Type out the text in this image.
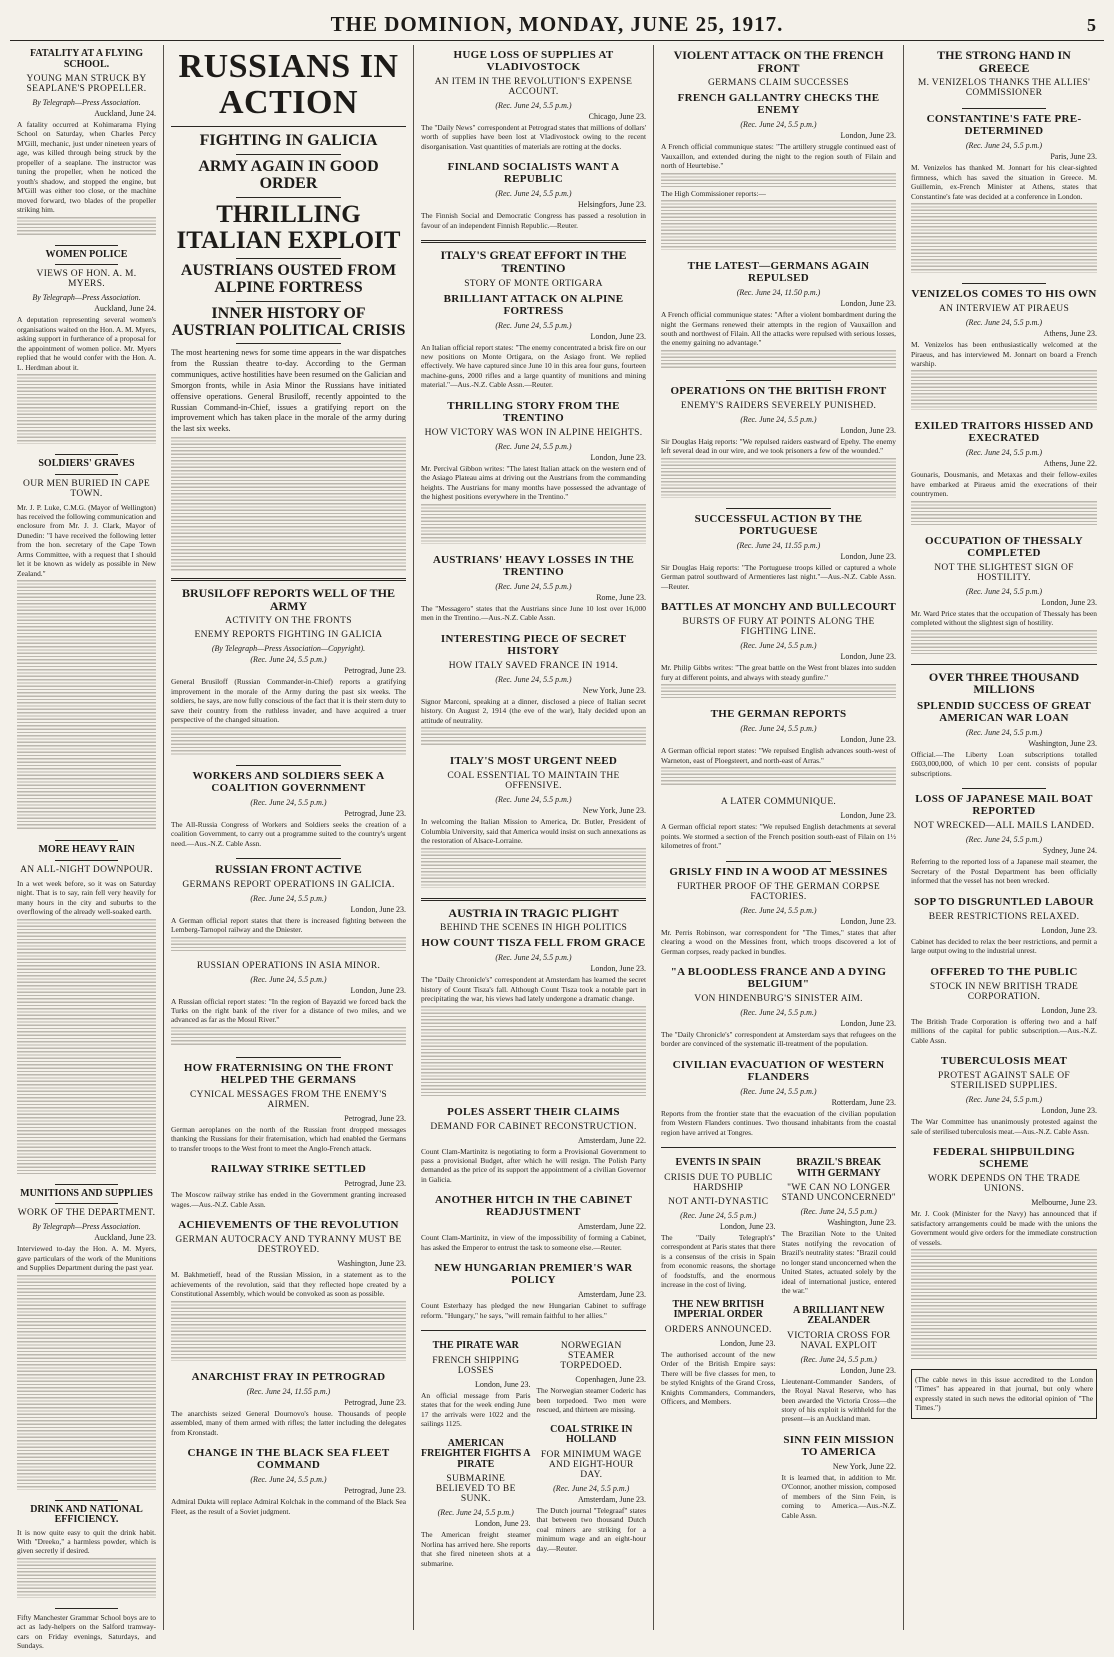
THE DOMINION, MONDAY, JUNE 25, 1917.	5
FATALITY AT A FLYING SCHOOL.
YOUNG MAN STRUCK BY SEAPLANE'S PROPELLER.
By Telegraph—Press Association.
Auckland, June 24.
A fatality occurred at Kohimarama Flying School on Saturday, when Charles Percy M'Gill, mechanic, just under nineteen years of age, was killed through being struck by the propeller of a seaplane. The instructor was tuning the propeller, when he noticed the youth's shadow, and stopped the engine, but M'Gill was either too close, or the machine moved forward, two blades of the propeller striking him.
WOMEN POLICE
VIEWS OF HON. A. M. MYERS.
By Telegraph—Press Association.
Auckland, June 24.
A deputation representing several women's organisations waited on the Hon. A. M. Myers, asking support in furtherance of a proposal for the appointment of women police. Mr. Myers replied that he would confer with the Hon. A. L. Herdman about it.
SOLDIERS' GRAVES
OUR MEN BURIED IN CAPE TOWN.
Mr. J. P. Luke, C.M.G. (Mayor of Wellington) has received the following communication and enclosure from Mr. J. J. Clark, Mayor of Dunedin: "I have received the following letter from the hon. secretary of the Cape Town Arms Committee, with a request that I should let it be known as widely as possible in New Zealand."
MORE HEAVY RAIN
AN ALL-NIGHT DOWNPOUR.
In a wet week before, so it was on Saturday night. That is to say, rain fell very heavily for many hours in the city and suburbs to the overflowing of the already well-soaked earth.
MUNITIONS AND SUPPLIES
WORK OF THE DEPARTMENT.
By Telegraph—Press Association.
Auckland, June 23.
Interviewed to-day the Hon. A. M. Myers, gave particulars of the work of the Munitions and Supplies Department during the past year.
DRINK AND NATIONAL EFFICIENCY.
It is now quite easy to quit the drink habit. With "Dreeko," a harmless powder, which is given secretly if desired.
Fifty Manchester Grammar School boys are to act as lady-helpers on the Salford tramway-cars on Friday evenings, Saturdays, and Sundays.
RUSSIANS IN ACTION
FIGHTING IN GALICIA
ARMY AGAIN IN GOOD ORDER
THRILLING ITALIAN EXPLOIT
AUSTRIANS OUSTED FROM ALPINE FORTRESS
INNER HISTORY OF AUSTRIAN POLITICAL CRISIS
The most heartening news for some time appears in the war dispatches from the Russian theatre to-day. According to the German communiques, active hostilities have been resumed on the Galician and Smorgon fronts, while in Asia Minor the Russians have initiated offensive operations. General Brusiloff, recently appointed to the Russian Command-in-Chief, issues a gratifying report on the improvement which has taken place in the morale of the army during the last six weeks.
BRUSILOFF REPORTS WELL OF THE ARMY
ACTIVITY ON THE FRONTS
ENEMY REPORTS FIGHTING IN GALICIA
(By Telegraph—Press Association—Copyright).
(Rec. June 24, 5.5 p.m.)
Petrograd, June 23.
General Brusiloff (Russian Commander-in-Chief) reports a gratifying improvement in the morale of the Army during the past six weeks. The soldiers, he says, are now fully conscious of the fact that it is their stern duty to save their country from the ruthless invader, and have acquired a truer perspective of the changed situation.
WORKERS AND SOLDIERS SEEK A COALITION GOVERNMENT
(Rec. June 24, 5.5 p.m.)
Petrograd, June 23.
The All-Russia Congress of Workers and Soldiers seeks the creation of a coalition Government, to carry out a programme suited to the country's urgent need.—Aus.-N.Z. Cable Assn.
RUSSIAN FRONT ACTIVE
GERMANS REPORT OPERATIONS IN GALICIA.
(Rec. June 24, 5.5 p.m.)
London, June 23.
A German official report states that there is increased fighting between the Lemberg-Tarnopol railway and the Dniester.
RUSSIAN OPERATIONS IN ASIA MINOR.
(Rec. June 24, 5.5 p.m.)
London, June 23.
A Russian official report states: "In the region of Bayazid we forced back the Turks on the right bank of the river for a distance of two miles, and we advanced as far as the Mosul River."
HOW FRATERNISING ON THE FRONT HELPED THE GERMANS
CYNICAL MESSAGES FROM THE ENEMY'S AIRMEN.
Petrograd, June 23.
German aeroplanes on the north of the Russian front dropped messages thanking the Russians for their fraternisation, which had enabled the Germans to transfer troops to the West front to meet the Anglo-French attack.
RAILWAY STRIKE SETTLED
Petrograd, June 23.
The Moscow railway strike has ended in the Government granting increased wages.—Aus.-N.Z. Cable Assn.
ACHIEVEMENTS OF THE REVOLUTION
GERMAN AUTOCRACY AND TYRANNY MUST BE DESTROYED.
Washington, June 23.
M. Bakhmetieff, head of the Russian Mission, in a statement as to the achievements of the revolution, said that they reflected hope created by a Constitutional Assembly, which would be convoked as soon as possible.
ANARCHIST FRAY IN PETROGRAD
(Rec. June 24, 11.55 p.m.)
Petrograd, June 23.
The anarchists seized General Dournovo's house. Thousands of people assembled, many of them armed with rifles; the latter including the delegates from Kronstadt.
CHANGE IN THE BLACK SEA FLEET COMMAND
(Rec. June 24, 5.5 p.m.)
Petrograd, June 23.
Admiral Dukta will replace Admiral Kolchak in the command of the Black Sea Fleet, as the result of a Soviet judgment.
HUGE LOSS OF SUPPLIES AT VLADIVOSTOCK
AN ITEM IN THE REVOLUTION'S EXPENSE ACCOUNT.
(Rec. June 24, 5.5 p.m.)
Chicago, June 23.
The "Daily News" correspondent at Petrograd states that millions of dollars' worth of supplies have been lost at Vladivostock owing to the recent disorganisation. Vast quantities of materials are rotting at the docks.
FINLAND SOCIALISTS WANT A REPUBLIC
(Rec. June 24, 5.5 p.m.)
Helsingfors, June 23.
The Finnish Social and Democratic Congress has passed a resolution in favour of an independent Finnish Republic.—Reuter.
ITALY'S GREAT EFFORT IN THE TRENTINO
STORY OF MONTE ORTIGARA
BRILLIANT ATTACK ON ALPINE FORTRESS
(Rec. June 24, 5.5 p.m.)
London, June 23.
An Italian official report states: "The enemy concentrated a brisk fire on our new positions on Monte Ortigara, on the Asiago front. We replied effectively. We have captured since June 10 in this area four guns, fourteen machine-guns, 2000 rifles and a large quantity of munitions and mining material."—Aus.-N.Z. Cable Assn.—Reuter.
THRILLING STORY FROM THE TRENTINO
HOW VICTORY WAS WON IN ALPINE HEIGHTS.
(Rec. June 24, 5.5 p.m.)
London, June 23.
Mr. Percival Gibbon writes: "The latest Italian attack on the western end of the Asiago Plateau aims at driving out the Austrians from the commanding heights. The Austrians for many months have possessed the advantage of the highest positions everywhere in the Trentino."
AUSTRIANS' HEAVY LOSSES IN THE TRENTINO
(Rec. June 24, 5.5 p.m.)
Rome, June 23.
The "Messagero" states that the Austrians since June 10 lost over 16,000 men in the Trentino.—Aus.-N.Z. Cable Assn.
INTERESTING PIECE OF SECRET HISTORY
HOW ITALY SAVED FRANCE IN 1914.
(Rec. June 24, 5.5 p.m.)
New York, June 23.
Signor Marconi, speaking at a dinner, disclosed a piece of Italian secret history. On August 2, 1914 (the eve of the war), Italy decided upon an attitude of neutrality.
ITALY'S MOST URGENT NEED
COAL ESSENTIAL TO MAINTAIN THE OFFENSIVE.
(Rec. June 24, 5.5 p.m.)
New York, June 23.
In welcoming the Italian Mission to America, Dr. Butler, President of Columbia University, said that America would insist on such annexations as the restoration of Alsace-Lorraine.
AUSTRIA IN TRAGIC PLIGHT
BEHIND THE SCENES IN HIGH POLITICS
HOW COUNT TISZA FELL FROM GRACE
(Rec. June 24, 5.5 p.m.)
London, June 23.
The "Daily Chronicle's" correspondent at Amsterdam has learned the secret history of Count Tisza's fall. Although Count Tisza took a notable part in precipitating the war, his views had lately undergone a dramatic change.
POLES ASSERT THEIR CLAIMS
DEMAND FOR CABINET RECONSTRUCTION.
Amsterdam, June 22.
Count Clam-Martinitz is negotiating to form a Provisional Government to pass a provisional Budget, after which he will resign. The Polish Party demanded as the price of its support the appointment of a civilian Governor in Galicia.
ANOTHER HITCH IN THE CABINET READJUSTMENT
Amsterdam, June 22.
Count Clam-Martinitz, in view of the impossibility of forming a Cabinet, has asked the Emperor to entrust the task to someone else.—Reuter.
NEW HUNGARIAN PREMIER'S WAR POLICY
Amsterdam, June 23.
Count Esterhazy has pledged the new Hungarian Cabinet to suffrage reform. "Hungary," he says, "will remain faithful to her allies."
THE PIRATE WAR
FRENCH SHIPPING LOSSES
London, June 23.
An official message from Paris states that for the week ending June 17 the arrivals were 1022 and the sailings 1125.
AMERICAN FREIGHTER FIGHTS A PIRATE
SUBMARINE BELIEVED TO BE SUNK.
(Rec. June 24, 5.5 p.m.)
London, June 23.
The American freight steamer Norlina has arrived here. She reports that she fired nineteen shots at a submarine.
NORWEGIAN STEAMER TORPEDOED.
Copenhagen, June 23.
The Norwegian steamer Coderic has been torpedoed. Two men were rescued, and thirteen are missing.
COAL STRIKE IN HOLLAND
FOR MINIMUM WAGE AND EIGHT-HOUR DAY.
(Rec. June 24, 5.5 p.m.)
Amsterdam, June 23.
The Dutch journal "Telegraaf" states that between two thousand Dutch coal miners are striking for a minimum wage and an eight-hour day.—Reuter.
VIOLENT ATTACK ON THE FRENCH FRONT
GERMANS CLAIM SUCCESSES
FRENCH GALLANTRY CHECKS THE ENEMY
(Rec. June 24, 5.5 p.m.)
London, June 23.
A French official communique states: "The artillery struggle continued east of Vauxaillon, and extended during the night to the region south of Filain and north of Heurtebise."
The High Commissioner reports:—
THE LATEST—GERMANS AGAIN REPULSED
(Rec. June 24, 11.50 p.m.)
London, June 23.
A French official communique states: "After a violent bombardment during the night the Germans renewed their attempts in the region of Vauxaillon and south and northwest of Filain. All the attacks were repulsed with serious losses, the enemy gaining no advantage."
OPERATIONS ON THE BRITISH FRONT
ENEMY'S RAIDERS SEVERELY PUNISHED.
(Rec. June 24, 5.5 p.m.)
London, June 23.
Sir Douglas Haig reports: "We repulsed raiders eastward of Epehy. The enemy left several dead in our wire, and we took prisoners a few of the wounded."
SUCCESSFUL ACTION BY THE PORTUGUESE
(Rec. June 24, 11.55 p.m.)
London, June 23.
Sir Douglas Haig reports: "The Portuguese troops killed or captured a whole German patrol southward of Armentieres last night."—Aus.-N.Z. Cable Assn.—Reuter.
BATTLES AT MONCHY AND BULLECOURT
BURSTS OF FURY AT POINTS ALONG THE FIGHTING LINE.
(Rec. June 24, 5.5 p.m.)
London, June 23.
Mr. Philip Gibbs writes: "The great battle on the West front blazes into sudden fury at different points, and always with steady gunfire."
THE GERMAN REPORTS
(Rec. June 24, 5.5 p.m.)
London, June 23.
A German official report states: "We repulsed English advances south-west of Warneton, east of Ploegsteert, and north-east of Arras."
A LATER COMMUNIQUE.
London, June 23.
A German official report states: "We repulsed English detachments at several points. We stormed a section of the French position south-east of Filain on 1½ kilometres of front."
GRISLY FIND IN A WOOD AT MESSINES
FURTHER PROOF OF THE GERMAN CORPSE FACTORIES.
(Rec. June 24, 5.5 p.m.)
London, June 23.
Mr. Perris Robinson, war correspondent for "The Times," states that after clearing a wood on the Messines front, which troops discovered a lot of German corpses, ready packed in bundles.
"A BLOODLESS FRANCE AND A DYING BELGIUM"
VON HINDENBURG'S SINISTER AIM.
(Rec. June 24, 5.5 p.m.)
London, June 23.
The "Daily Chronicle's" correspondent at Amsterdam says that refugees on the border are convinced of the systematic ill-treatment of the population.
CIVILIAN EVACUATION OF WESTERN FLANDERS
(Rec. June 24, 5.5 p.m.)
Rotterdam, June 23.
Reports from the frontier state that the evacuation of the civilian population from Western Flanders continues. Two thousand inhabitants from the coastal region have arrived at Tongres.
EVENTS IN SPAIN
CRISIS DUE TO PUBLIC HARDSHIP
NOT ANTI-DYNASTIC
(Rec. June 24, 5.5 p.m.)
London, June 23.
The "Daily Telegraph's" correspondent at Paris states that there is a consensus of the crisis in Spain from economic reasons, the shortage of foodstuffs, and the enormous increase in the cost of living.
THE NEW BRITISH IMPERIAL ORDER
ORDERS ANNOUNCED.
London, June 23.
The authorised account of the new Order of the British Empire says: There will be five classes for men, to be styled Knights of the Grand Cross, Knights Commanders, Commanders, Officers, and Members.
BRAZIL'S BREAK WITH GERMANY
"WE CAN NO LONGER STAND UNCONCERNED"
(Rec. June 24, 5.5 p.m.)
Washington, June 23.
The Brazilian Note to the United States notifying the revocation of Brazil's neutrality states: "Brazil could no longer stand unconcerned when the United States, actuated solely by the ideal of international justice, entered the war."
A BRILLIANT NEW ZEALANDER
VICTORIA CROSS FOR NAVAL EXPLOIT
(Rec. June 24, 5.5 p.m.)
London, June 23.
Lieutenant-Commander Sanders, of the Royal Naval Reserve, who has been awarded the Victoria Cross—the story of his exploit is withheld for the present—is an Auckland man.
SINN FEIN MISSION TO AMERICA
New York, June 22.
It is learned that, in addition to Mr. O'Connor, another mission, composed of members of the Sinn Fein, is coming to America.—Aus.-N.Z. Cable Assn.
THE STRONG HAND IN GREECE
M. VENIZELOS THANKS THE ALLIES' COMMISSIONER
CONSTANTINE'S FATE PRE-DETERMINED
(Rec. June 24, 5.5 p.m.)
Paris, June 23.
M. Venizelos has thanked M. Jonnart for his clear-sighted firmness, which has saved the situation in Greece. M. Guillemin, ex-French Minister at Athens, states that Constantine's fate was decided at a conference in London.
VENIZELOS COMES TO HIS OWN
AN INTERVIEW AT PIRAEUS
(Rec. June 24, 5.5 p.m.)
Athens, June 23.
M. Venizelos has been enthusiastically welcomed at the Piraeus, and has interviewed M. Jonnart on board a French warship.
EXILED TRAITORS HISSED AND EXECRATED
(Rec. June 24, 5.5 p.m.)
Athens, June 22.
Gounaris, Dousmanis, and Metaxas and their fellow-exiles have embarked at Piraeus amid the execrations of their countrymen.
OCCUPATION OF THESSALY COMPLETED
NOT THE SLIGHTEST SIGN OF HOSTILITY.
(Rec. June 24, 5.5 p.m.)
London, June 23.
Mr. Ward Price states that the occupation of Thessaly has been completed without the slightest sign of hostility.
OVER THREE THOUSAND MILLIONS
SPLENDID SUCCESS OF GREAT AMERICAN WAR LOAN
(Rec. June 24, 5.5 p.m.)
Washington, June 23.
Official.—The Liberty Loan subscriptions totalled £603,000,000, of which 10 per cent. consists of popular subscriptions.
LOSS OF JAPANESE MAIL BOAT REPORTED
NOT WRECKED—ALL MAILS LANDED.
(Rec. June 24, 5.5 p.m.)
Sydney, June 24.
Referring to the reported loss of a Japanese mail steamer, the Secretary of the Postal Department has been officially informed that the vessel has not been wrecked.
SOP TO DISGRUNTLED LABOUR
BEER RESTRICTIONS RELAXED.
London, June 23.
Cabinet has decided to relax the beer restrictions, and permit a large output owing to the industrial unrest.
OFFERED TO THE PUBLIC
STOCK IN NEW BRITISH TRADE CORPORATION.
London, June 23.
The British Trade Corporation is offering two and a half millions of the capital for public subscription.—Aus.-N.Z. Cable Assn.
TUBERCULOSIS MEAT
PROTEST AGAINST SALE OF STERILISED SUPPLIES.
(Rec. June 24, 5.5 p.m.)
London, June 23.
The War Committee has unanimously protested against the sale of sterilised tuberculosis meat.—Aus.-N.Z. Cable Assn.
FEDERAL SHIPBUILDING SCHEME
WORK DEPENDS ON THE TRADE UNIONS.
Melbourne, June 23.
Mr. J. Cook (Minister for the Navy) has announced that if satisfactory arrangements could be made with the unions the Government would give orders for the immediate construction of vessels.
(The cable news in this issue accredited to the London "Times" has appeared in that journal, but only where expressly stated in such news the editorial opinion of "The Times.")
